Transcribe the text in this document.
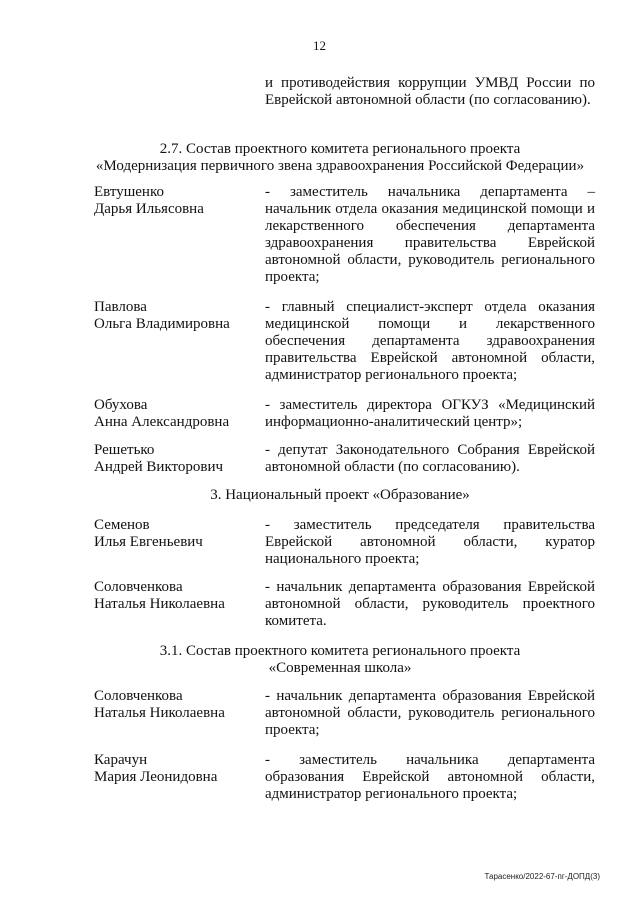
12
и противодействия коррупции УМВД России по Еврейской автономной области (по согласованию).
2.7. Состав проектного комитета регионального проекта
«Модернизация первичного звена здравоохранения Российской Федерации»
Евтушенко
Дарья Ильясовна
- заместитель начальника департамента – начальник отдела оказания медицинской помощи и лекарственного обеспечения департамента здравоохранения правительства Еврейской автономной области, руководитель регионального проекта;
Павлова
Ольга Владимировна
- главный специалист-эксперт отдела оказания медицинской помощи и лекарственного обеспечения департамента здравоохранения правительства Еврейской автономной области, администратор регионального проекта;
Обухова
Анна Александровна
- заместитель директора ОГКУЗ «Медицинский информационно-аналитический центр»;
Решетько
Андрей Викторович
- депутат Законодательного Собрания Еврейской автономной области (по согласованию).
3. Национальный проект «Образование»
Семенов
Илья Евгеньевич
- заместитель председателя правительства Еврейской автономной области, куратор национального проекта;
Соловченкова
Наталья Николаевна
- начальник департамента образования Еврейской автономной области, руководитель проектного комитета.
3.1. Состав проектного комитета регионального проекта
«Современная школа»
Соловченкова
Наталья Николаевна
- начальник департамента образования Еврейской автономной области, руководитель регионального проекта;
Карачун
Мария Леонидовна
- заместитель начальника департамента образования Еврейской автономной области, администратор регионального проекта;
Тарасенко/2022-67-пг-ДОПД(3)
